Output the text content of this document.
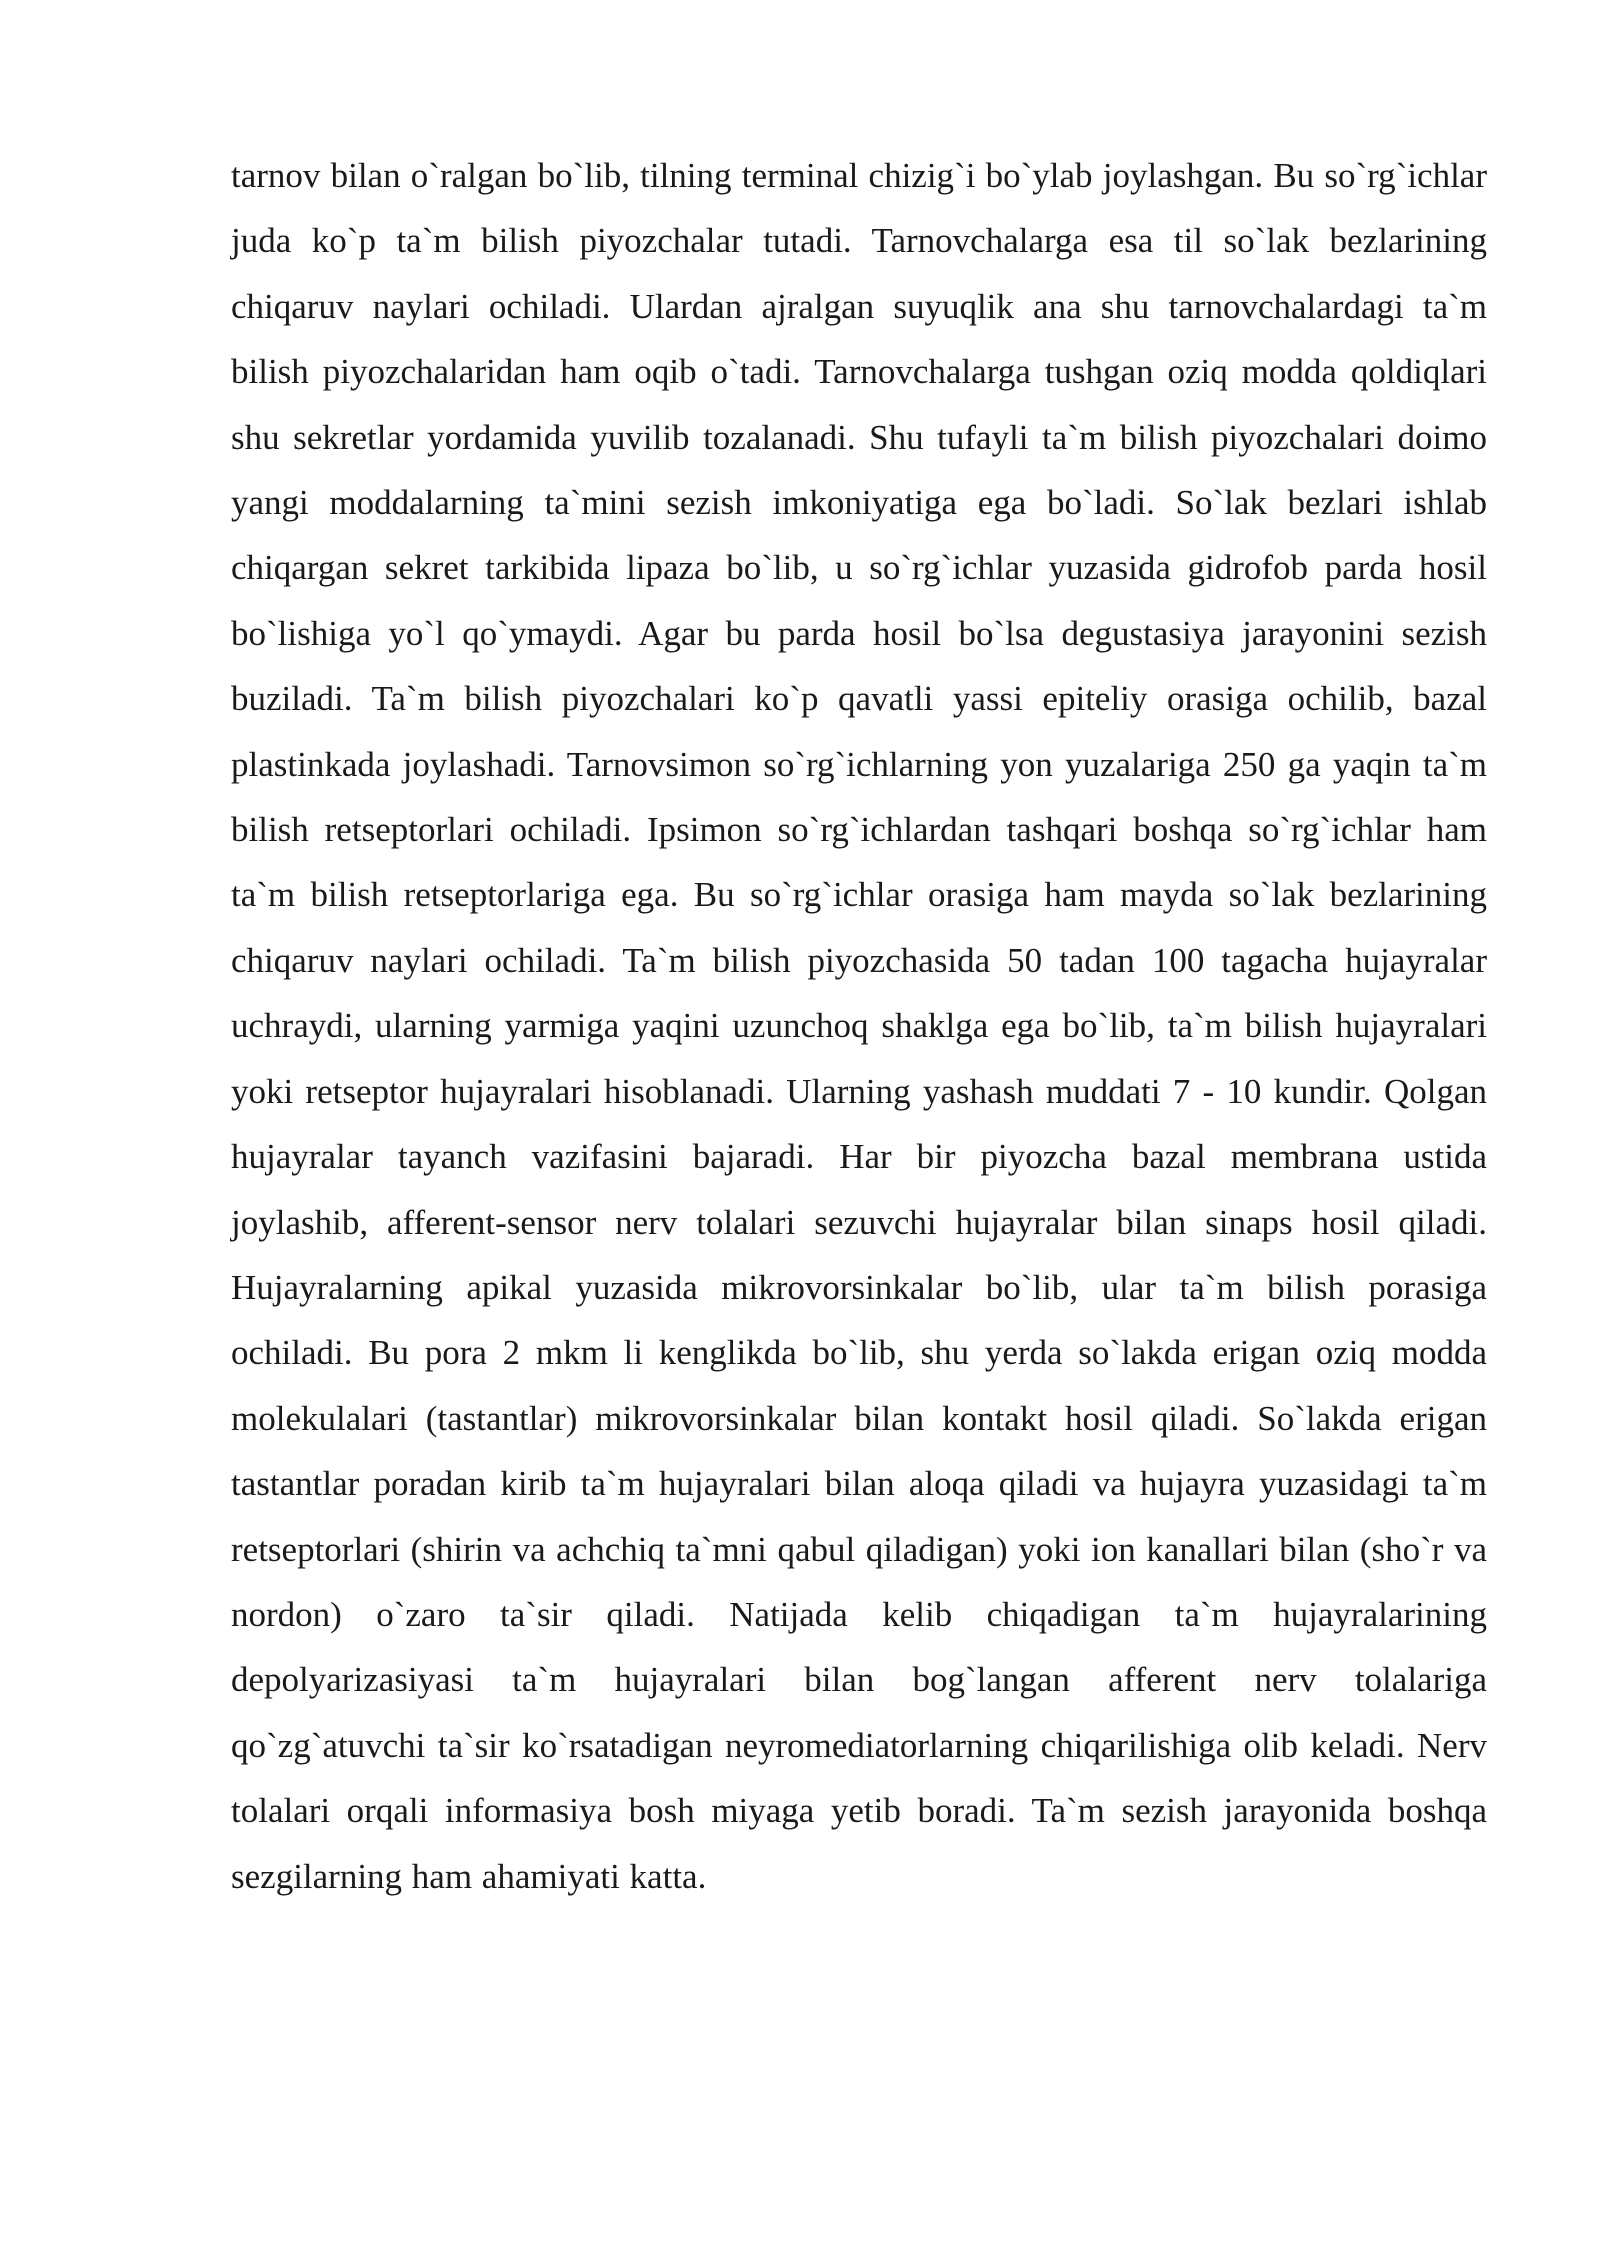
tarnov bilan o`ralgan bo`lib, tilning terminal chizig`i bo`ylab joylashgan. Bu so`rg`ichlar juda ko`p ta`m bilish piyozchalar tutadi. Tarnovchalarga esa til so`lak bezlarining chiqaruv naylari ochiladi. Ulardan ajralgan suyuqlik ana shu tarnovchalardagi ta`m bilish piyozchalaridan ham oqib o`tadi. Tarnovchalarga tushgan oziq modda qoldiqlari shu sekretlar yordamida yuvilib tozalanadi. Shu tufayli ta`m bilish piyozchalari doimo yangi moddalarning ta`mini sezish imkoniyatiga ega bo`ladi. So`lak bezlari ishlab chiqargan sekret tarkibida lipaza bo`lib, u so`rg`ichlar yuzasida gidrofob parda hosil bo`lishiga yo`l qo`ymaydi. Agar bu parda hosil bo`lsa degustasiya jarayonini sezish buziladi. Ta`m bilish piyozchalari ko`p qavatli yassi epiteliy orasiga ochilib, bazal plastinkada joylashadi. Tarnovsimon so`rg`ichlarning yon yuzalariga 250 ga yaqin ta`m bilish retseptorlari ochiladi. Ipsimon so`rg`ichlardan tashqari boshqa so`rg`ichlar ham ta`m bilish retseptorlariga ega. Bu so`rg`ichlar orasiga ham mayda so`lak bezlarining chiqaruv naylari ochiladi. Ta`m bilish piyozchasida 50 tadan 100 tagacha hujayralar uchraydi, ularning yarmiga yaqini uzunchoq shaklga ega bo`lib, ta`m bilish hujayralari yoki retseptor hujayralari hisoblanadi. Ularning yashash muddati 7 - 10 kundir. Qolgan hujayralar tayanch vazifasini bajaradi. Har bir piyozcha bazal membrana ustida joylashib, afferent-sensor nerv tolalari sezuvchi hujayralar bilan sinaps hosil qiladi. Hujayralarning apikal yuzasida mikrovorsinkalar bo`lib, ular ta`m bilish porasiga ochiladi. Bu pora 2 mkm li kenglikda bo`lib, shu yerda so`lakda erigan oziq modda molekulalari (tastantlar) mikrovorsinkalar bilan kontakt hosil qiladi. So`lakda erigan tastantlar poradan kirib ta`m hujayralari bilan aloqa qiladi va hujayra yuzasidagi ta`m retseptorlari (shirin va achchiq ta`mni qabul qiladigan) yoki ion kanallari bilan (sho`r va nordon) o`zaro ta`sir qiladi. Natijada kelib chiqadigan ta`m hujayralarining depolyarizasiyasi ta`m hujayralari bilan bog`langan afferent nerv tolalariga qo`zg`atuvchi ta`sir ko`rsatadigan neyromediatorlarning chiqarilishiga olib keladi. Nerv tolalari orqali informasiya bosh miyaga yetib boradi. Ta`m sezish jarayonida boshqa sezgilarning ham ahamiyati katta.
